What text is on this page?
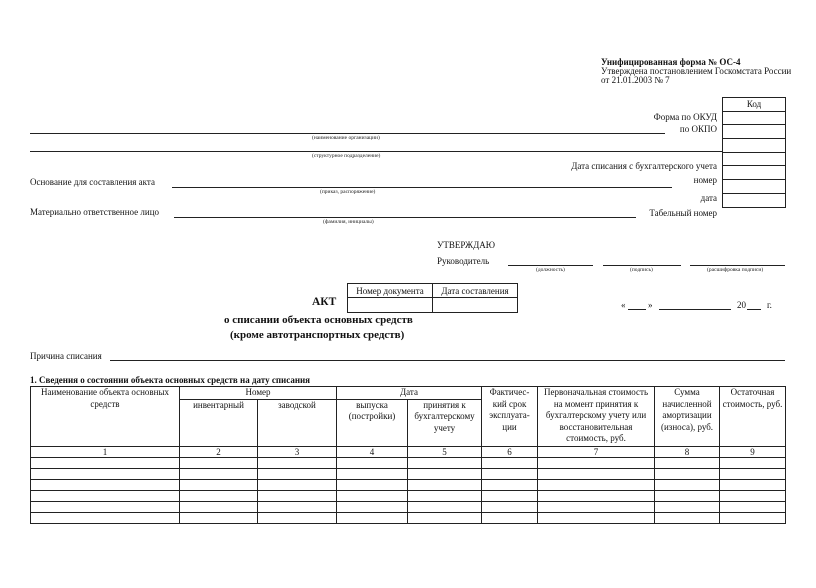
Унифицированная форма № ОС-4
Утверждена постановлением Госкомстата России
от 21.01.2003 № 7
Код

Форма по ОКУД
по ОКПО
Дата списания с бухгалтерского учета
номер
дата
Табельный номер
(наименование организации)
(структурное подразделение)
Основание для составления акта
(приказ, распоряжение)
Материально ответственное лицо
(фамилия, инициалы)
УТВЕРЖДАЮ
Руководитель
(должность)	(подпись)	(расшифровка подписи)
«	»	20 г.
Номер документа	Дата составления

АКТ
о списании объекта основных средств
(кроме автотранспортных средств)
Причина списания
1. Сведения о состоянии объекта основных средств на дату списания
Наименование объекта основных средств	Номер		Дата		Фактичес-кий срок эксплуата-ции	Первоначальная стоимость на момент принятия к бухгалтерскому учету или восстановительная стоимость, руб.	Сумма начисленной амортизации (износа), руб.	Остаточная стоимость, руб.
	инвентарный	заводской	выпуска (постройки)	принятия к бухгалтерскому учету				
1	2	3	4	5	6	7	8	9
